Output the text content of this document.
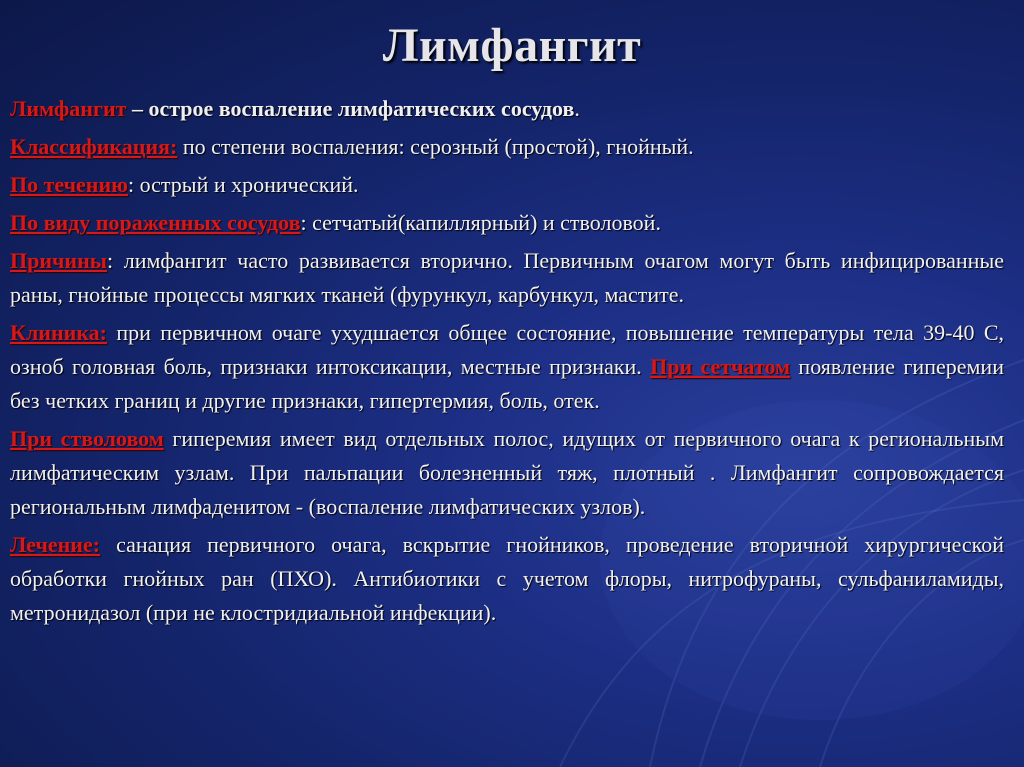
Лимфангит

Лимфангит – острое воспаление лимфатических сосудов.

Классификация: по степени воспаления: серозный (простой), гнойный.

По течению: острый и хронический.

По виду пораженных сосудов: сетчатый(капиллярный) и стволовой.

Причины: лимфангит часто развивается вторично. Первичным очагом могут быть инфицированные раны, гнойные процессы мягких тканей (фурункул, карбункул, мастите.

Клиника: при первичном очаге ухудшается общее состояние, повышение температуры тела 39-40 С, озноб головная боль, признаки интоксикации, местные признаки. При сетчатом появление гиперемии без четких границ и другие признаки, гипертермия, боль, отек.

При стволовом гиперемия имеет вид отдельных полос, идущих от первичного очага к региональным лимфатическим узлам. При пальпации болезненный тяж, плотный . Лимфангит сопровождается региональным лимфаденитом - (воспаление лимфатических узлов).

Лечение: санация первичного очага, вскрытие гнойников, проведение вторичной хирургической обработки гнойных ран (ПХО). Антибиотики с учетом флоры, нитрофураны, сульфаниламиды, метронидазол (при не клостридиальной инфекции).
